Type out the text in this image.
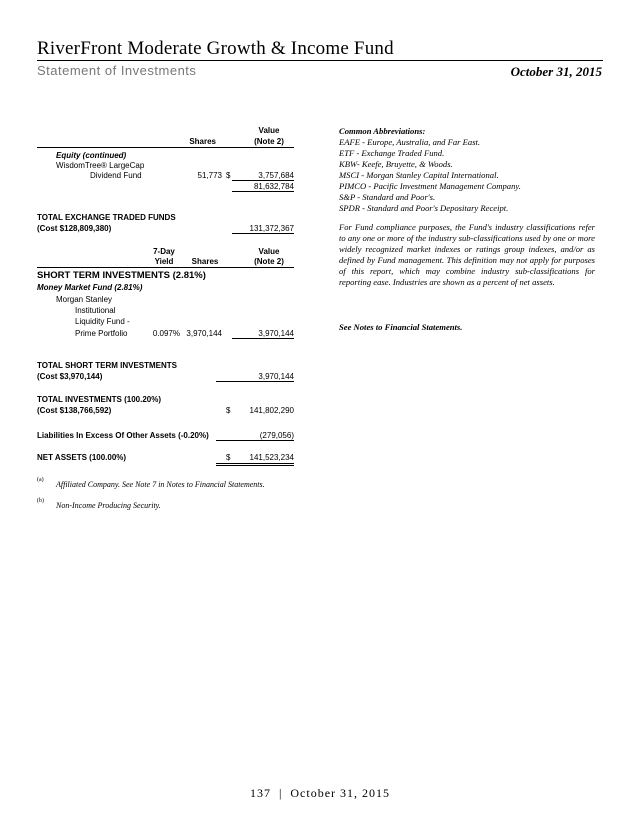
RiverFront Moderate Growth & Income Fund
Statement of Investments	October 31, 2015
Value
Shares	(Note 2)
Equity (continued)
WisdomTree® LargeCap
Dividend Fund	51,773 $	3,757,684
81,632,784
TOTAL EXCHANGE TRADED FUNDS
(Cost $128,809,380)	131,372,367
7-Day	Value
Yield	Shares	(Note 2)
SHORT TERM INVESTMENTS (2.81%)
Money Market Fund (2.81%)
Morgan Stanley
Institutional
Liquidity Fund -
Prime Portfolio	0.097% 3,970,144	3,970,144
TOTAL SHORT TERM INVESTMENTS
(Cost $3,970,144)	3,970,144
TOTAL INVESTMENTS (100.20%)
(Cost $138,766,592)	$	141,802,290
Liabilities In Excess Of Other Assets (-0.20%)	(279,056)
NET ASSETS (100.00%)	$	141,523,234
(a) Affiliated Company. See Note 7 in Notes to Financial Statements.
(b) Non-Income Producing Security.
Common Abbreviations:
EAFE - Europe, Australia, and Far East.
ETF - Exchange Traded Fund.
KBW- Keefe, Bruyette, & Woods.
MSCI - Morgan Stanley Capital International.
PIMCO - Pacific Investment Management Company.
S&P - Standard and Poor's.
SPDR - Standard and Poor's Depositary Receipt.
For Fund compliance purposes, the Fund's industry classifications refer to any one or more of the industry sub-classifications used by one or more widely recognized market indexes or ratings group indexes, and/or as defined by Fund management. This definition may not apply for purposes of this report, which may combine industry sub-classifications for reporting ease. Industries are shown as a percent of net assets.
See Notes to Financial Statements.
137 | October 31, 2015
